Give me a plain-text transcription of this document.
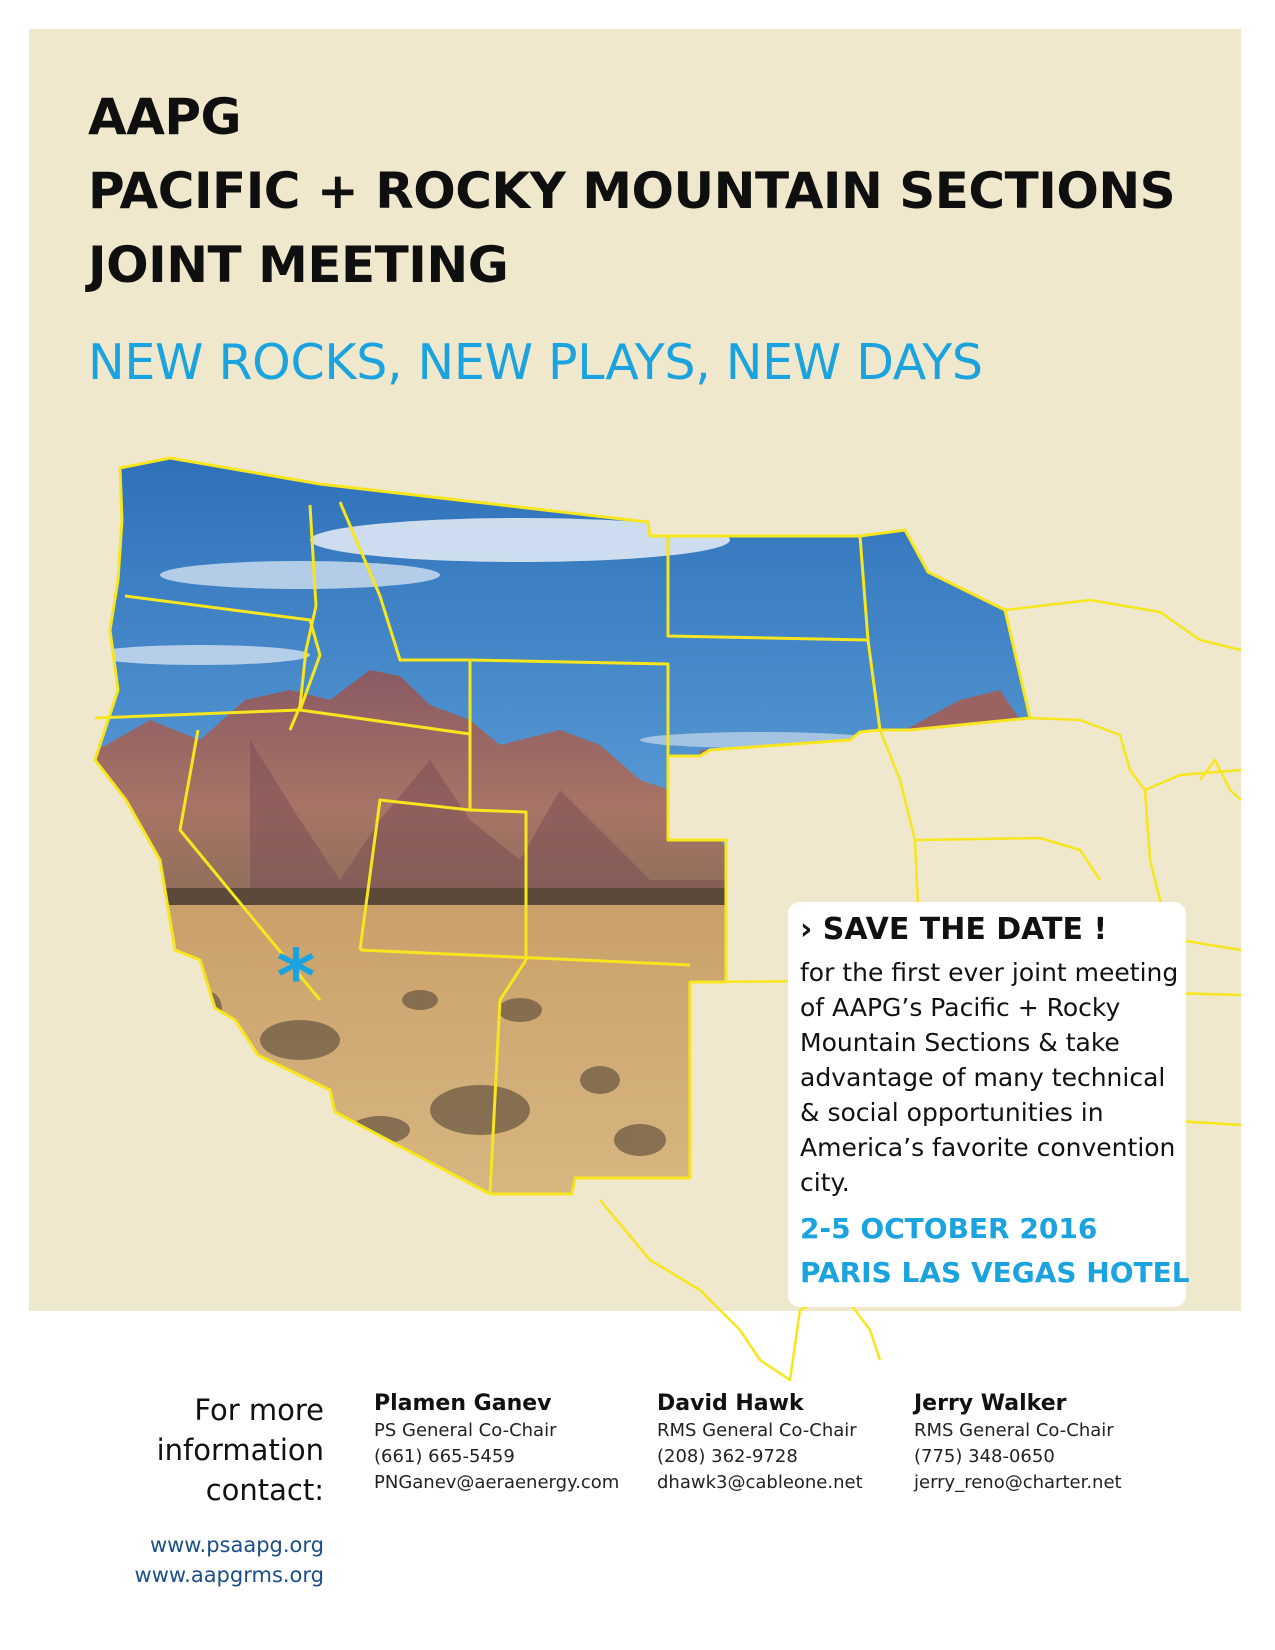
AAPG
PACIFIC + ROCKY MOUNTAIN SECTIONS
JOINT MEETING
NEW ROCKS, NEW PLAYS, NEW DAYS
*
› SAVE THE DATE !

for the first ever joint meeting of AAPG’s Pacific + Rocky Mountain Sections & take advantage of many technical & social opportunities in America’s favorite convention city.

2-5 OCTOBER 2016
PARIS LAS VEGAS HOTEL
For more
information
contact:
www.psaapg.org
www.aapgrms.org
Plamen Ganev
PS General Co-Chair
(661) 665-5459
PNGanev@aeraenergy.com
David Hawk
RMS General Co-Chair
(208) 362-9728
dhawk3@cableone.net
Jerry Walker
RMS General Co-Chair
(775) 348-0650
jerry_reno@charter.net
